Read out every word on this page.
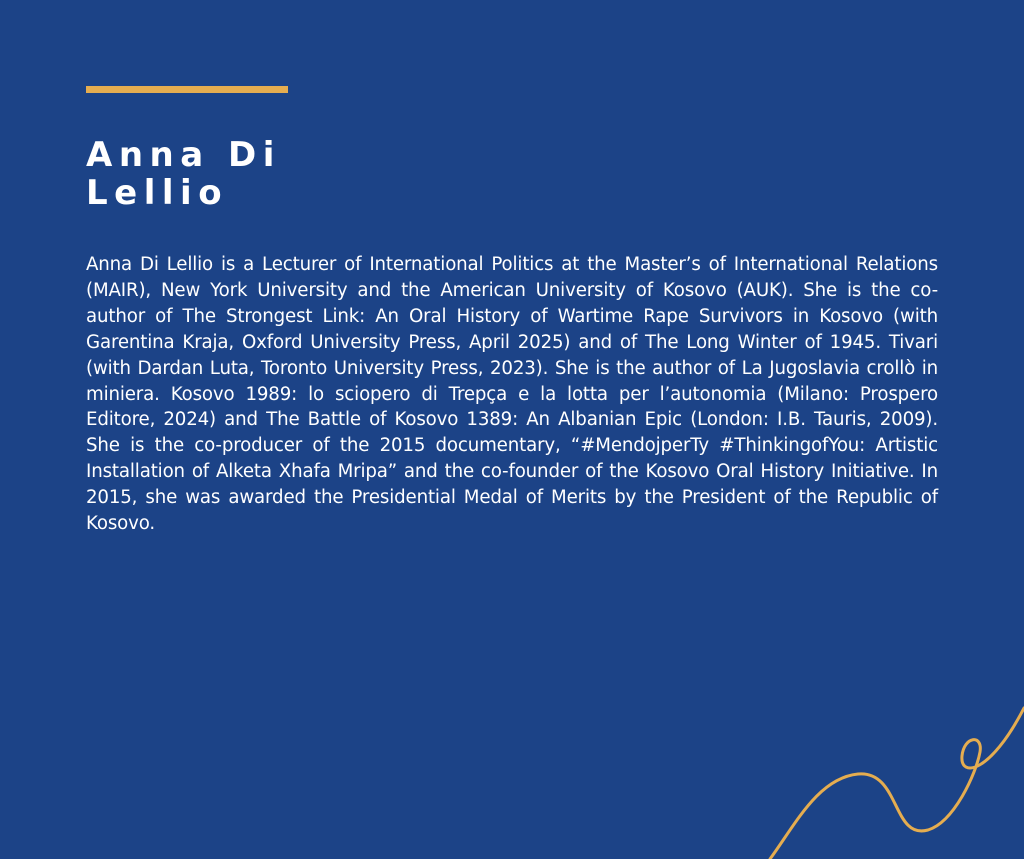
Anna Di
Lellio

Anna Di Lellio is a Lecturer of International Politics at the Master’s of International Relations (MAIR), New York University and the American University of Kosovo (AUK). She is the co- author of The Strongest Link: An Oral History of Wartime Rape Survivors in Kosovo (with Garentina Kraja, Oxford University Press, April 2025) and of The Long Winter of 1945. Tivari (with Dardan Luta, Toronto University Press, 2023). She is the author of La Jugoslavia crollò in miniera. Kosovo 1989: lo sciopero di Trepça e la lotta per l’autonomia (Milano: Prospero Editore, 2024) and The Battle of Kosovo 1389: An Albanian Epic (London: I.B. Tauris, 2009). She is the co-producer of the 2015 documentary, “#MendojperTy #ThinkingofYou: Artistic Installation of Alketa Xhafa Mripa” and the co-founder of the Kosovo Oral History Initiative. In 2015, she was awarded the Presidential Medal of Merits by the President of the Republic of Kosovo.
